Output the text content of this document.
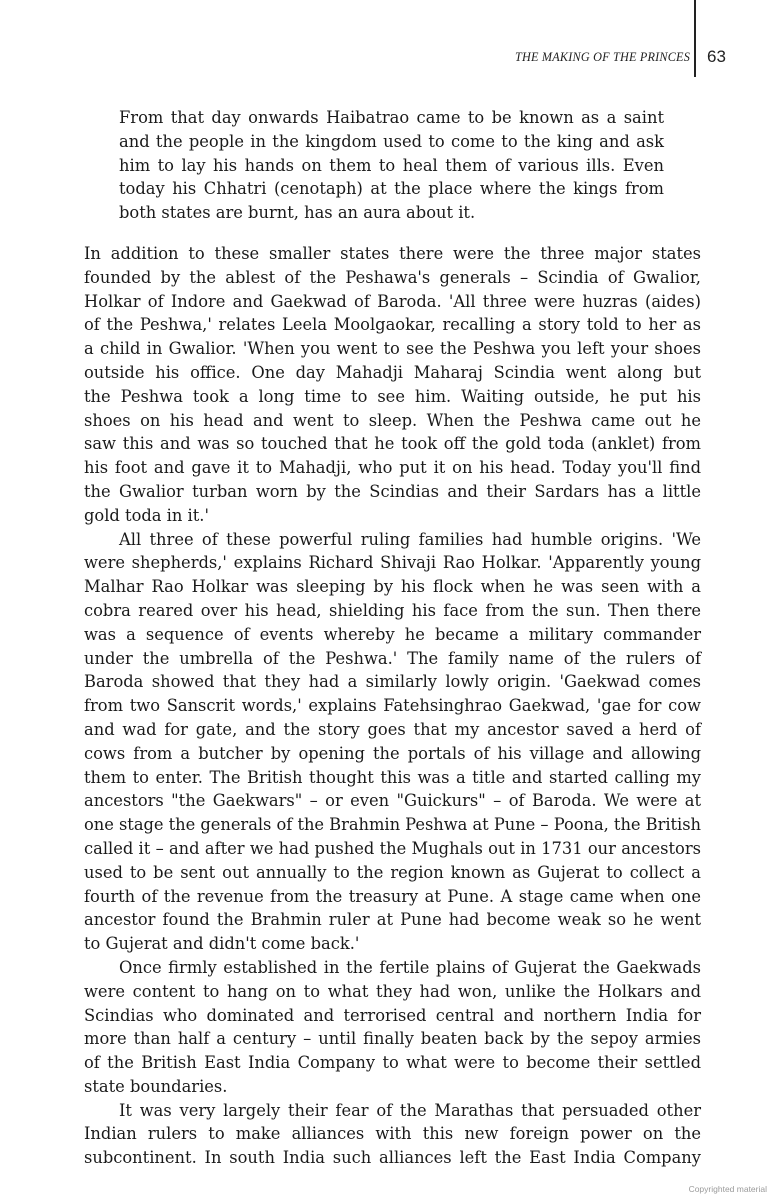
THE MAKING OF THE PRINCES 63
From that day onwards Haibatrao came to be known as a saint
and the people in the kingdom used to come to the king and ask
him to lay his hands on them to heal them of various ills. Even
today his Chhatri (cenotaph) at the place where the kings from
both states are burnt, has an aura about it.
In addition to these smaller states there were the three major states
founded by the ablest of the Peshawa's generals – Scindia of Gwalior,
Holkar of Indore and Gaekwad of Baroda. 'All three were huzras (aides)
of the Peshwa,' relates Leela Moolgaokar, recalling a story told to her as
a child in Gwalior. 'When you went to see the Peshwa you left your shoes
outside his office. One day Mahadji Maharaj Scindia went along but
the Peshwa took a long time to see him. Waiting outside, he put his
shoes on his head and went to sleep. When the Peshwa came out he
saw this and was so touched that he took off the gold toda (anklet) from
his foot and gave it to Mahadji, who put it on his head. Today you'll find
the Gwalior turban worn by the Scindias and their Sardars has a little
gold toda in it.'
All three of these powerful ruling families had humble origins. 'We
were shepherds,' explains Richard Shivaji Rao Holkar. 'Apparently young
Malhar Rao Holkar was sleeping by his flock when he was seen with a
cobra reared over his head, shielding his face from the sun. Then there
was a sequence of events whereby he became a military commander
under the umbrella of the Peshwa.' The family name of the rulers of
Baroda showed that they had a similarly lowly origin. 'Gaekwad comes
from two Sanscrit words,' explains Fatehsinghrao Gaekwad, 'gae for cow
and wad for gate, and the story goes that my ancestor saved a herd of
cows from a butcher by opening the portals of his village and allowing
them to enter. The British thought this was a title and started calling my
ancestors "the Gaekwars" – or even "Guickurs" – of Baroda. We were at
one stage the generals of the Brahmin Peshwa at Pune – Poona, the British
called it – and after we had pushed the Mughals out in 1731 our ancestors
used to be sent out annually to the region known as Gujerat to collect a
fourth of the revenue from the treasury at Pune. A stage came when one
ancestor found the Brahmin ruler at Pune had become weak so he went
to Gujerat and didn't come back.'
Once firmly established in the fertile plains of Gujerat the Gaekwads
were content to hang on to what they had won, unlike the Holkars and
Scindias who dominated and terrorised central and northern India for
more than half a century – until finally beaten back by the sepoy armies
of the British East India Company to what were to become their settled
state boundaries.
It was very largely their fear of the Marathas that persuaded other
Indian rulers to make alliances with this new foreign power on the
subcontinent. In south India such alliances left the East India Company
Copyrighted material
